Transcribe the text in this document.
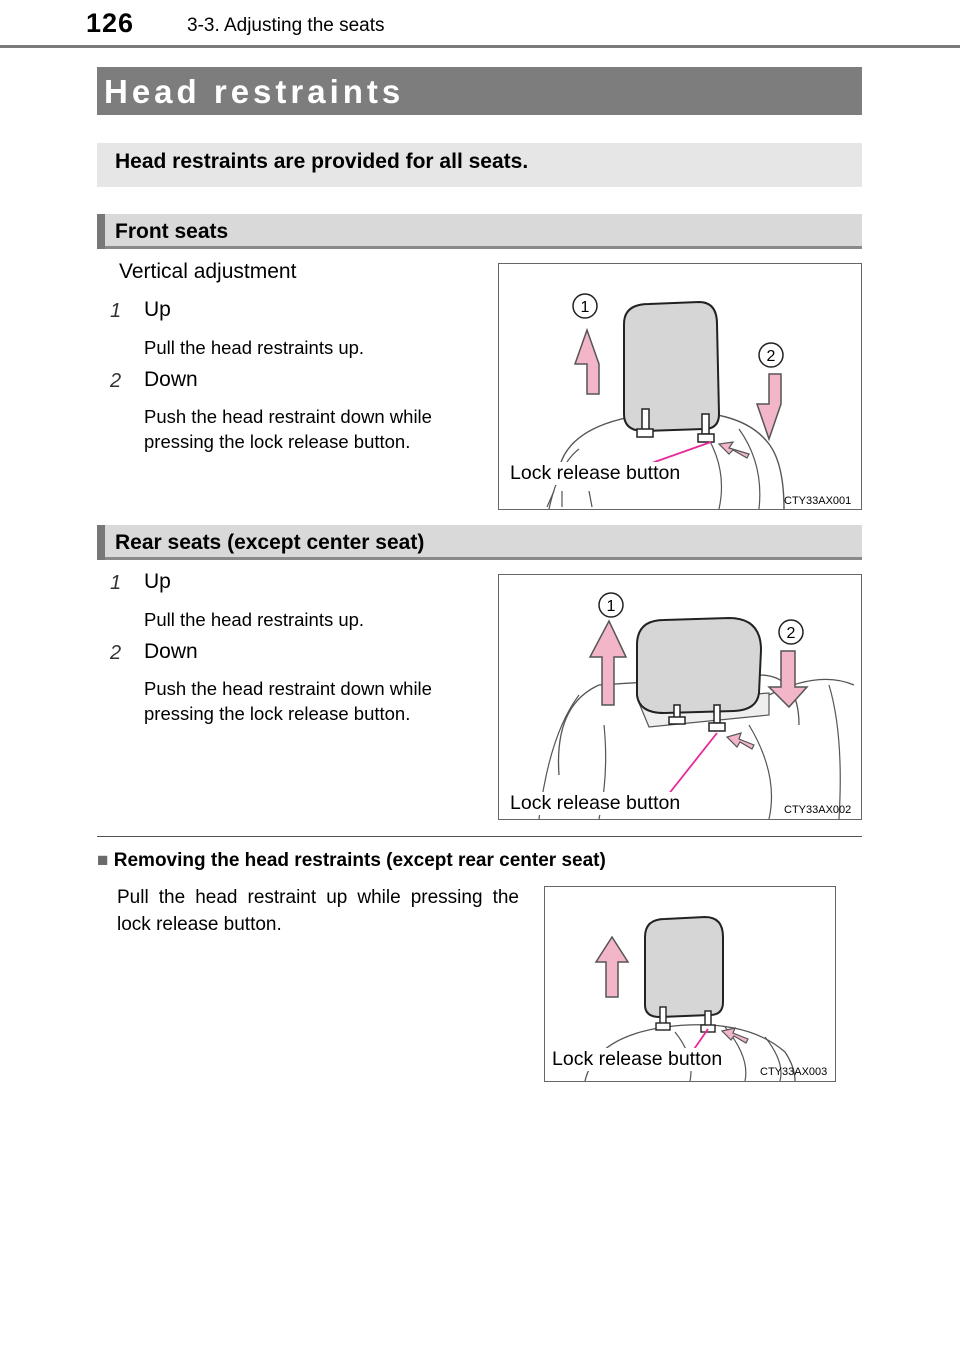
126	3-3. Adjusting the seats
Head restraints
Head restraints are provided for all seats.
Front seats
Vertical adjustment
1 Up
Pull the head restraints up.
2 Down
Push the head restraint down while
pressing the lock release button.
1
2
Lock release button
CTY33AX001
Rear seats (except center seat)
1 Up
Pull the head restraints up.
2 Down
Push the head restraint down while
pressing the lock release button.
1
2
Lock release button	CTY33AX002
■ Removing the head restraints (except rear center seat)
Pull the head restraint up while pressing the lock release button.
Lock release button
CTY33AX003
